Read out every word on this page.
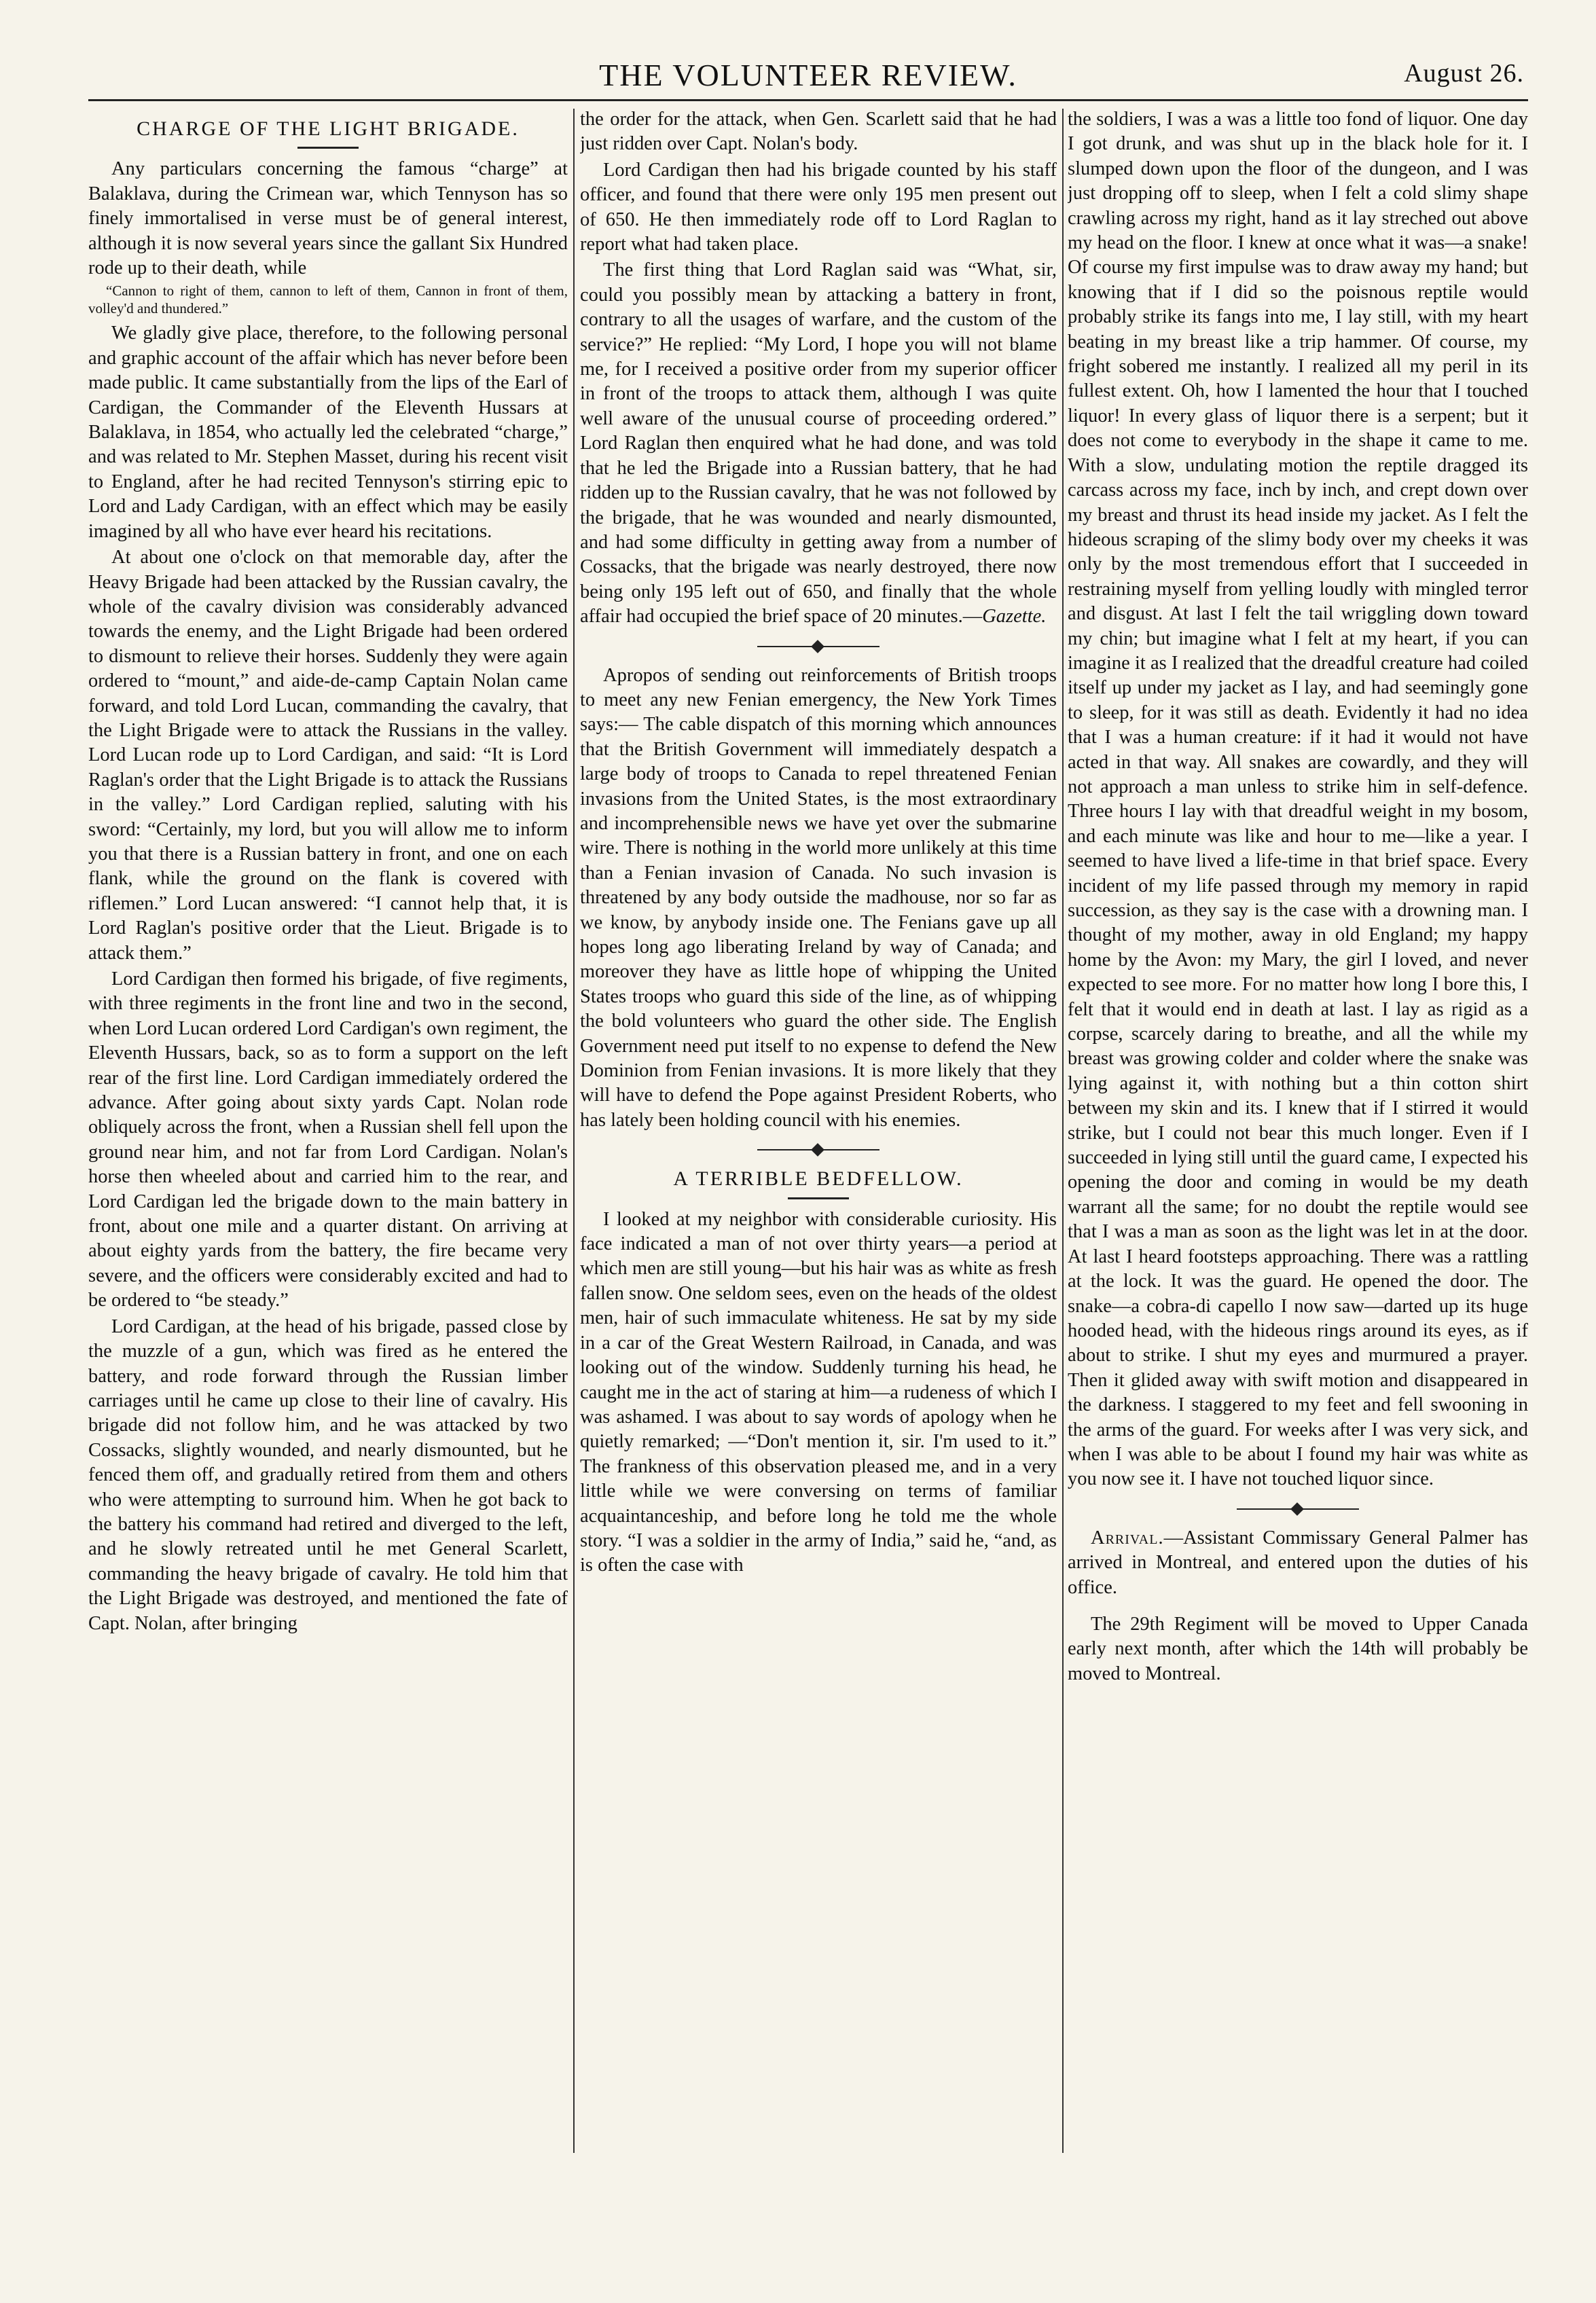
THE VOLUNTEER REVIEW.	August 26.
CHARGE OF THE LIGHT BRIGADE.

Any particulars concerning the famous “charge” at Balaklava, during the Crimean war, which Tennyson has so finely immortalised in verse must be of general interest, although it is now several years since the gallant Six Hundred rode up to their death, while

“Cannon to right of them, cannon to left of them, Cannon in front of them, volley'd and thundered.”

We gladly give place, therefore, to the following personal and graphic account of the affair which has never before been made public. It came substantially from the lips of the Earl of Cardigan, the Commander of the Eleventh Hussars at Balaklava, in 1854, who actually led the celebrated “charge,” and was related to Mr. Stephen Masset, during his recent visit to England, after he had recited Tennyson's stirring epic to Lord and Lady Cardigan, with an effect which may be easily imagined by all who have ever heard his recitations.

At about one o'clock on that memorable day, after the Heavy Brigade had been attacked by the Russian cavalry, the whole of the cavalry division was considerably advanced towards the enemy, and the Light Brigade had been ordered to dismount to relieve their horses. Suddenly they were again ordered to “mount,” and aide-de-camp Captain Nolan came forward, and told Lord Lucan, commanding the cavalry, that the Light Brigade were to attack the Russians in the valley. Lord Lucan rode up to Lord Cardigan, and said: “It is Lord Raglan's order that the Light Brigade is to attack the Russians in the valley.” Lord Cardigan replied, saluting with his sword: “Certainly, my lord, but you will allow me to inform you that there is a Russian battery in front, and one on each flank, while the ground on the flank is covered with riflemen.” Lord Lucan answered: “I cannot help that, it is Lord Raglan's positive order that the Lieut. Brigade is to attack them.”

Lord Cardigan then formed his brigade, of five regiments, with three regiments in the front line and two in the second, when Lord Lucan ordered Lord Cardigan's own regiment, the Eleventh Hussars, back, so as to form a support on the left rear of the first line. Lord Cardigan immediately ordered the advance. After going about sixty yards Capt. Nolan rode obliquely across the front, when a Russian shell fell upon the ground near him, and not far from Lord Cardigan. Nolan's horse then wheeled about and carried him to the rear, and Lord Cardigan led the brigade down to the main battery in front, about one mile and a quarter distant. On arriving at about eighty yards from the battery, the fire became very severe, and the officers were considerably excited and had to be ordered to “be steady.”

Lord Cardigan, at the head of his brigade, passed close by the muzzle of a gun, which was fired as he entered the battery, and rode forward through the Russian limber carriages until he came up close to their line of cavalry. His brigade did not follow him, and he was attacked by two Cossacks, slightly wounded, and nearly dismounted, but he fenced them off, and gradually retired from them and others who were attempting to surround him. When he got back to the battery his command had retired and diverged to the left, and he slowly retreated until he met General Scarlett, commanding the heavy brigade of cavalry. He told him that the Light Brigade was destroyed, and mentioned the fate of Capt. Nolan, after bringing

the order for the attack, when Gen. Scarlett said that he had just ridden over Capt. Nolan's body.

Lord Cardigan then had his brigade counted by his staff officer, and found that there were only 195 men present out of 650. He then immediately rode off to Lord Raglan to report what had taken place.

The first thing that Lord Raglan said was “What, sir, could you possibly mean by attacking a battery in front, contrary to all the usages of warfare, and the custom of the service?” He replied: “My Lord, I hope you will not blame me, for I received a positive order from my superior officer in front of the troops to attack them, although I was quite well aware of the unusual course of proceeding ordered.” Lord Raglan then enquired what he had done, and was told that he led the Brigade into a Russian battery, that he had ridden up to the Russian cavalry, that he was not followed by the brigade, that he was wounded and nearly dismounted, and had some difficulty in getting away from a number of Cossacks, that the brigade was nearly destroyed, there now being only 195 left out of 650, and finally that the whole affair had occupied the brief space of 20 minutes.—Gazette.

Apropos of sending out reinforcements of British troops to meet any new Fenian emergency, the New York Times says:— The cable dispatch of this morning which announces that the British Government will immediately despatch a large body of troops to Canada to repel threatened Fenian invasions from the United States, is the most extraordinary and incomprehensible news we have yet over the submarine wire. There is nothing in the world more unlikely at this time than a Fenian invasion of Canada. No such invasion is threatened by any body outside the madhouse, nor so far as we know, by anybody inside one. The Fenians gave up all hopes long ago liberating Ireland by way of Canada; and moreover they have as little hope of whipping the United States troops who guard this side of the line, as of whipping the bold volunteers who guard the other side. The English Government need put itself to no expense to defend the New Dominion from Fenian invasions. It is more likely that they will have to defend the Pope against President Roberts, who has lately been holding council with his enemies.

A TERRIBLE BEDFELLOW.

I looked at my neighbor with considerable curiosity. His face indicated a man of not over thirty years—a period at which men are still young—but his hair was as white as fresh fallen snow. One seldom sees, even on the heads of the oldest men, hair of such immaculate whiteness. He sat by my side in a car of the Great Western Railroad, in Canada, and was looking out of the window. Suddenly turning his head, he caught me in the act of staring at him—a rudeness of which I was ashamed. I was about to say words of apology when he quietly remarked; —“Don't mention it, sir. I'm used to it.” The frankness of this observation pleased me, and in a very little while we were conversing on terms of familiar acquaintanceship, and before long he told me the whole story. “I was a soldier in the army of India,” said he, “and, as is often the case with

the soldiers, I was a was a little too fond of liquor. One day I got drunk, and was shut up in the black hole for it. I slumped down upon the floor of the dungeon, and I was just dropping off to sleep, when I felt a cold slimy shape crawling across my right, hand as it lay streched out above my head on the floor. I knew at once what it was—a snake! Of course my first impulse was to draw away my hand; but knowing that if I did so the poisnous reptile would probably strike its fangs into me, I lay still, with my heart beating in my breast like a trip hammer. Of course, my fright sobered me instantly. I realized all my peril in its fullest extent. Oh, how I lamented the hour that I touched liquor! In every glass of liquor there is a serpent; but it does not come to everybody in the shape it came to me. With a slow, undulating motion the reptile dragged its carcass across my face, inch by inch, and crept down over my breast and thrust its head inside my jacket. As I felt the hideous scraping of the slimy body over my cheeks it was only by the most tremendous effort that I succeeded in restraining myself from yelling loudly with mingled terror and disgust. At last I felt the tail wriggling down toward my chin; but imagine what I felt at my heart, if you can imagine it as I realized that the dreadful creature had coiled itself up under my jacket as I lay, and had seemingly gone to sleep, for it was still as death. Evidently it had no idea that I was a human creature: if it had it would not have acted in that way. All snakes are cowardly, and they will not approach a man unless to strike him in self-defence. Three hours I lay with that dreadful weight in my bosom, and each minute was like and hour to me—like a year. I seemed to have lived a life-time in that brief space. Every incident of my life passed through my memory in rapid succession, as they say is the case with a drowning man. I thought of my mother, away in old England; my happy home by the Avon: my Mary, the girl I loved, and never expected to see more. For no matter how long I bore this, I felt that it would end in death at last. I lay as rigid as a corpse, scarcely daring to breathe, and all the while my breast was growing colder and colder where the snake was lying against it, with nothing but a thin cotton shirt between my skin and its. I knew that if I stirred it would strike, but I could not bear this much longer. Even if I succeeded in lying still until the guard came, I expected his opening the door and coming in would be my death warrant all the same; for no doubt the reptile would see that I was a man as soon as the light was let in at the door. At last I heard footsteps approaching. There was a rattling at the lock. It was the guard. He opened the door. The snake—a cobra-di capello I now saw—darted up its huge hooded head, with the hideous rings around its eyes, as if about to strike. I shut my eyes and murmured a prayer. Then it glided away with swift motion and disappeared in the darkness. I staggered to my feet and fell swooning in the arms of the guard. For weeks after I was very sick, and when I was able to be about I found my hair was white as you now see it. I have not touched liquor since.

Arrival.—Assistant Commissary General Palmer has arrived in Montreal, and entered upon the duties of his office.

The 29th Regiment will be moved to Upper Canada early next month, after which the 14th will probably be moved to Montreal.
